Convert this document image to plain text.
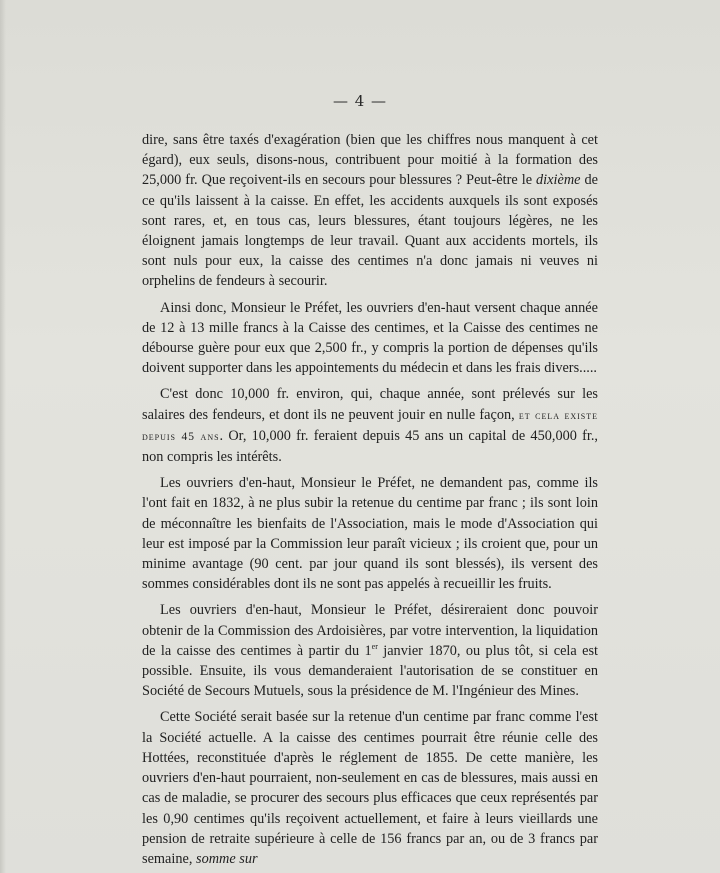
— 4 —

dire, sans être taxés d'exagération (bien que les chiffres nous manquent à cet égard), eux seuls, disons-nous, contribuent pour moitié à la formation des 25,000 fr. Que reçoivent-ils en secours pour blessures ? Peut-être le dixième de ce qu'ils laissent à la caisse. En effet, les accidents auxquels ils sont exposés sont rares, et, en tous cas, leurs blessures, étant toujours légères, ne les éloignent jamais longtemps de leur travail. Quant aux accidents mortels, ils sont nuls pour eux, la caisse des centimes n'a donc jamais ni veuves ni orphelins de fendeurs à secourir.

Ainsi donc, Monsieur le Préfet, les ouvriers d'en-haut versent chaque année de 12 à 13 mille francs à la Caisse des centimes, et la Caisse des centimes ne débourse guère pour eux que 2,500 fr., y compris la portion de dépenses qu'ils doivent supporter dans les appointements du médecin et dans les frais divers.....

C'est donc 10,000 fr. environ, qui, chaque année, sont prélevés sur les salaires des fendeurs, et dont ils ne peuvent jouir en nulle façon, et cela existe depuis 45 ans. Or, 10,000 fr. feraient depuis 45 ans un capital de 450,000 fr., non compris les intérêts.

Les ouvriers d'en-haut, Monsieur le Préfet, ne demandent pas, comme ils l'ont fait en 1832, à ne plus subir la retenue du centime par franc ; ils sont loin de méconnaître les bienfaits de l'Association, mais le mode d'Association qui leur est imposé par la Commission leur paraît vicieux ; ils croient que, pour un minime avantage (90 cent. par jour quand ils sont blessés), ils versent des sommes considérables dont ils ne sont pas appelés à recueillir les fruits.

Les ouvriers d'en-haut, Monsieur le Préfet, désireraient donc pouvoir obtenir de la Commission des Ardoisières, par votre intervention, la liquidation de la caisse des centimes à partir du 1er janvier 1870, ou plus tôt, si cela est possible. Ensuite, ils vous demanderaient l'autorisation de se constituer en Société de Secours Mutuels, sous la présidence de M. l'Ingénieur des Mines.

Cette Société serait basée sur la retenue d'un centime par franc comme l'est la Société actuelle. A la caisse des centimes pourrait être réunie celle des Hottées, reconstituée d'après le réglement de 1855. De cette manière, les ouvriers d'en-haut pourraient, non-seulement en cas de blessures, mais aussi en cas de maladie, se procurer des secours plus efficaces que ceux représentés par les 0,90 centimes qu'ils reçoivent actuellement, et faire à leurs vieillards une pension de retraite supérieure à celle de 156 francs par an, ou de 3 francs par semaine, somme sur
